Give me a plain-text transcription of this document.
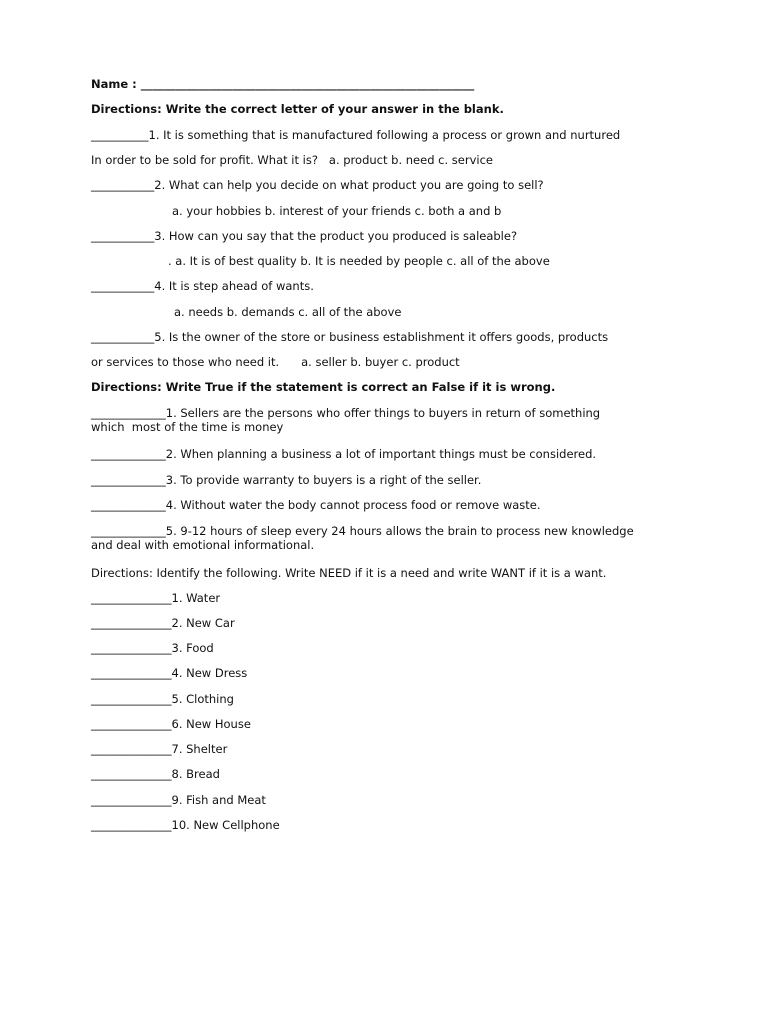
Name : __________________________________________________________
Directions: Write the correct letter of your answer in the blank.
__________1. It is something that is manufactured following a process or grown and nurtured
In order to be sold for profit. What it is?   a. product b. need c. service
___________2. What can help you decide on what product you are going to sell?
a. your hobbies b. interest of your friends c. both a and b
___________3. How can you say that the product you produced is saleable?
. a. It is of best quality b. It is needed by people c. all of the above
___________4. It is step ahead of wants.
a. needs b. demands c. all of the above
___________5. Is the owner of the store or business establishment it offers goods, products
or services to those who need it.      a. seller b. buyer c. product
Directions: Write True if the statement is correct an False if it is wrong.
_____________1. Sellers are the persons who offer things to buyers in return of something
which  most of the time is money
_____________2. When planning a business a lot of important things must be considered.
_____________3. To provide warranty to buyers is a right of the seller.
_____________4. Without water the body cannot process food or remove waste.
_____________5. 9-12 hours of sleep every 24 hours allows the brain to process new knowledge
and deal with emotional informational.
Directions: Identify the following. Write NEED if it is a need and write WANT if it is a want.
______________1. Water
______________2. New Car
______________3. Food
______________4. New Dress
______________5. Clothing
______________6. New House
______________7. Shelter
______________8. Bread
______________9. Fish and Meat
______________10. New Cellphone
